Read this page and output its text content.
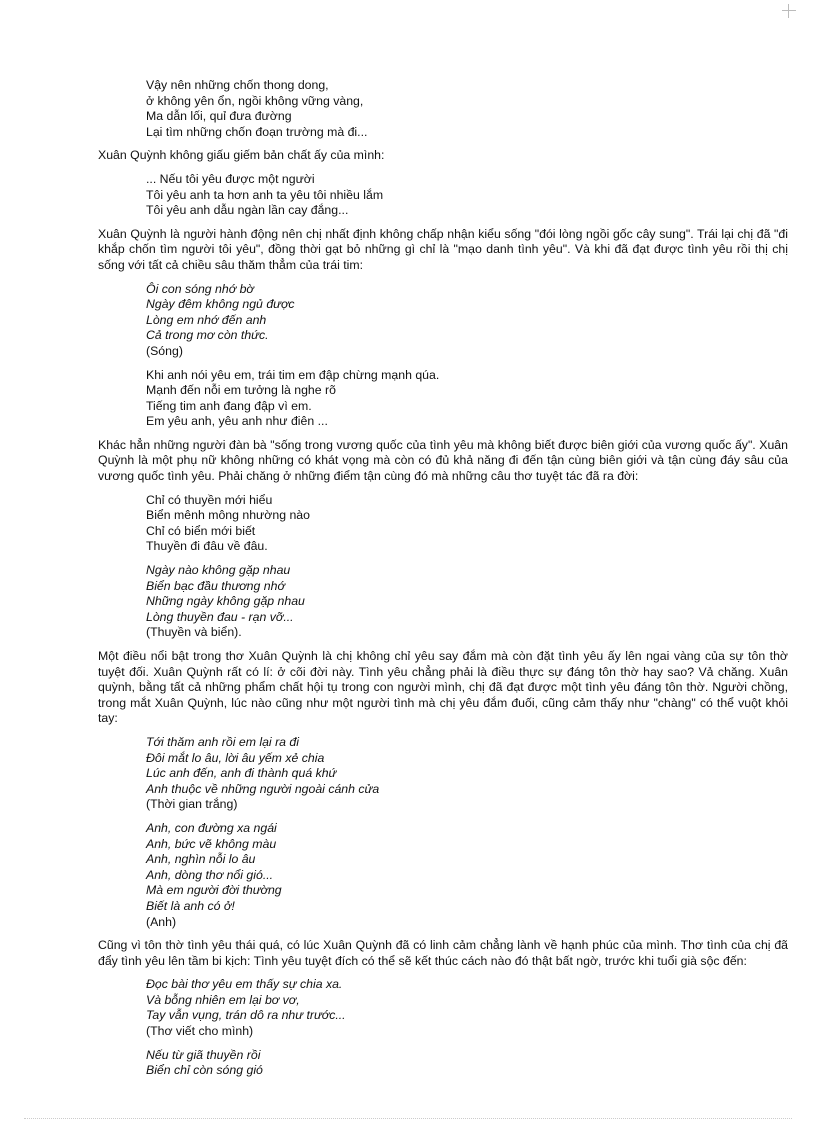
Vậy nên những chốn thong dong,
ở không yên ổn, ngồi không vững vàng,
Ma dẫn lối, quỉ đưa đường
Lại tìm những chốn đoạn trường mà đi...

Xuân Quỳnh không giấu giếm bản chất ấy của mình:

... Nếu tôi yêu được một người
Tôi yêu anh ta hơn anh ta yêu tôi nhiều lắm
Tôi yêu anh dẫu ngàn lần cay đắng...

Xuân Quỳnh là người hành động nên chị nhất định không chấp nhận kiểu sống "đói lòng ngồi gốc cây sung". Trái lại chị đã "đi khắp chốn tìm người tôi yêu", đồng thời gạt bỏ những gì chỉ là "mạo danh tình yêu". Và khi đã đạt được tình yêu rồi thị chị sống với tất cả chiều sâu thăm thẳm của trái tim:

Ôi con sóng nhớ bờ
Ngày đêm không ngủ được
Lòng em nhớ đến anh
Cả trong mơ còn thức.
(Sóng)
Khi anh nói yêu em, trái tim em đập chừng mạnh qúa.
Mạnh đến nỗi em tưởng là nghe rõ
Tiếng tim anh đang đập vì em.
Em yêu anh, yêu anh như điên ...

Khác hẳn những người đàn bà "sống trong vương quốc của tình yêu mà không biết được biên giới của vương quốc ấy". Xuân Quỳnh là một phụ nữ không những có khát vọng mà còn có đủ khả năng đi đến tận cùng biên giới và tận cùng đáy sâu của vương quốc tình yêu. Phải chăng ở những điểm tận cùng đó mà những câu thơ tuyệt tác đã ra đời:

Chỉ có thuyền mới hiểu
Biển mênh mông nhường nào
Chỉ có biển mới biết
Thuyền đi đâu về đâu.
Ngày nào không gặp nhau
Biển bạc đầu thương nhớ
Những ngày không gặp nhau
Lòng thuyền đau - rạn vỡ...
(Thuyền và biển).

Một điều nổi bật trong thơ Xuân Quỳnh là chị không chỉ yêu say đắm mà còn đặt tình yêu ấy lên ngai vàng của sự tôn thờ tuyệt đối. Xuân Quỳnh rất có lí: ở cõi đời này. Tình yêu chẳng phải là điều thực sự đáng tôn thờ hay sao? Vả chăng. Xuân quỳnh, bằng tất cả những phẩm chất hội tụ trong con người mình, chị đã đạt được một tình yêu đáng tôn thờ. Người chồng, trong mắt Xuân Quỳnh, lúc nào cũng như một người tình mà chị yêu đắm đuối, cũng cảm thấy như "chàng" có thể vuột khỏi tay:

Tới thăm anh rồi em lại ra đi
Đôi mắt lo âu, lời âu yếm xẻ chia
Lúc anh đến, anh đi thành quá khứ
Anh thuộc về những người ngoài cánh cửa
(Thời gian trắng)
Anh, con đường xa ngái
Anh, bức vẽ không màu
Anh, nghìn nỗi lo âu
Anh, dòng thơ nổi gió...
Mà em người đời thường
Biết là anh có ở!
(Anh)

Cũng vì tôn thờ tình yêu thái quá, có lúc Xuân Quỳnh đã có linh cảm chẳng lành về hạnh phúc của mình. Thơ tình của chị đã đẩy tình yêu lên tầm bi kịch: Tình yêu tuyệt đích có thể sẽ kết thúc cách nào đó thật bất ngờ, trước khi tuổi già sộc đến:

Đọc bài thơ yêu em thấy sự chia xa.
Và bỗng nhiên em lại bơ vơ,
Tay vẫn vụng, trán dô ra như trước...
(Thơ viết cho mình)
Nếu từ giã thuyền rồi
Biển chỉ còn sóng gió
